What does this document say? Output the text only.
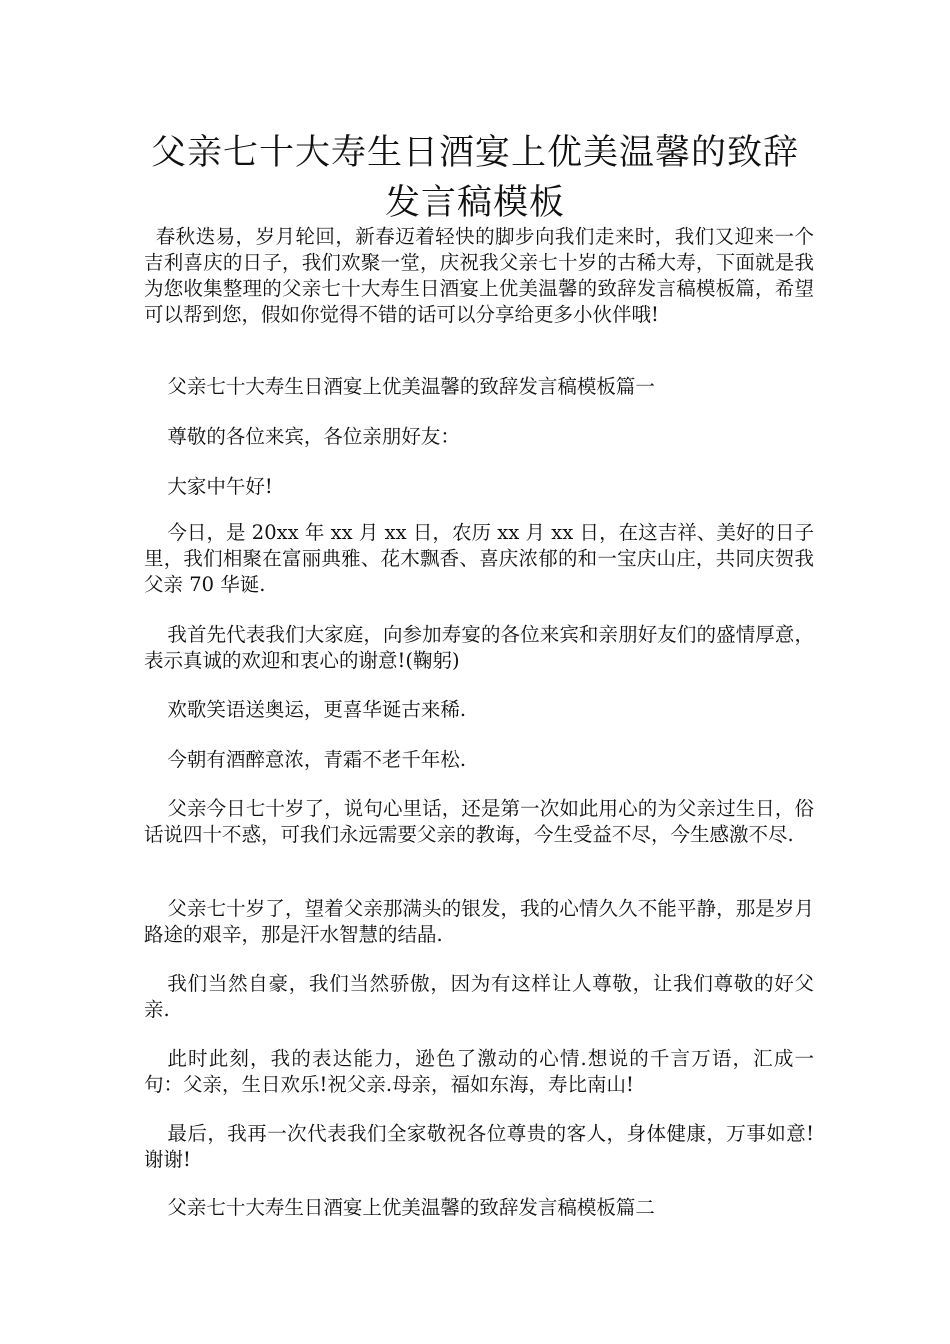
父亲七十大寿生日酒宴上优美温馨的致辞
发言稿模板

春秋迭易，岁月轮回，新春迈着轻快的脚步向我们走来时，我们又迎来一个吉利喜庆的日子，我们欢聚一堂，庆祝我父亲七十岁的古稀大寿，下面就是我为您收集整理的父亲七十大寿生日酒宴上优美温馨的致辞发言稿模板篇，希望可以帮到您，假如你觉得不错的话可以分享给更多小伙伴哦!

父亲七十大寿生日酒宴上优美温馨的致辞发言稿模板篇一

尊敬的各位来宾，各位亲朋好友：

大家中午好!

今日，是 20xx 年 xx 月 xx 日，农历 xx 月 xx 日，在这吉祥、美好的日子里，我们相聚在富丽典雅、花木飘香、喜庆浓郁的和一宝庆山庄，共同庆贺我父亲 70 华诞.

我首先代表我们大家庭，向参加寿宴的各位来宾和亲朋好友们的盛情厚意，表示真诚的欢迎和衷心的谢意!(鞠躬)

欢歌笑语送奥运，更喜华诞古来稀.

今朝有酒醉意浓，青霜不老千年松.

父亲今日七十岁了，说句心里话，还是第一次如此用心的为父亲过生日，俗话说四十不惑，可我们永远需要父亲的教诲，今生受益不尽，今生感激不尽.

父亲七十岁了，望着父亲那满头的银发，我的心情久久不能平静，那是岁月路途的艰辛，那是汗水智慧的结晶.

我们当然自豪，我们当然骄傲，因为有这样让人尊敬，让我们尊敬的好父亲.

此时此刻，我的表达能力，逊色了激动的心情.想说的千言万语，汇成一句：父亲，生日欢乐!祝父亲.母亲，福如东海，寿比南山!

最后，我再一次代表我们全家敬祝各位尊贵的客人，身体健康，万事如意!谢谢!

父亲七十大寿生日酒宴上优美温馨的致辞发言稿模板篇二
